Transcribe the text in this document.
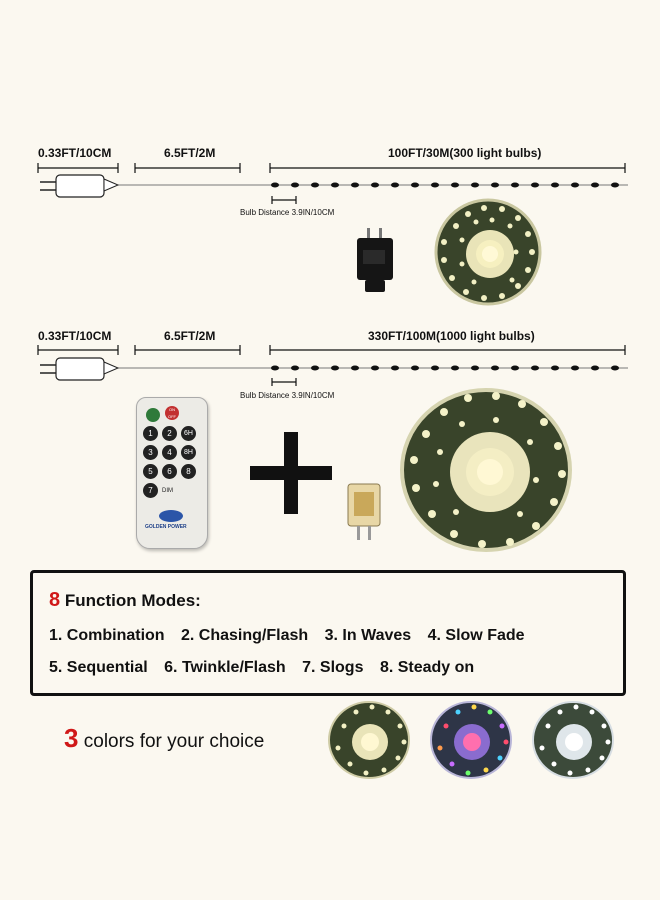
0.33FT/10CM	6.5FT/2M	100FT/30M(300 light bulbs)
Bulb Distance 3.9IN/10CM
0.33FT/10CM	6.5FT/2M	330FT/100M(1000 light bulbs)
Bulb Distance 3.9IN/10CM
ON
OFF
1	2	6H
3	4	8H
5	6	8
7	DIM
GOLDEN POWER
8 Function Modes:
1. Combination 2. Chasing/Flash 3. In Waves 4. Slow Fade
5. Sequential 6. Twinkle/Flash 7. Slogs 8. Steady on
3 colors for your choice
